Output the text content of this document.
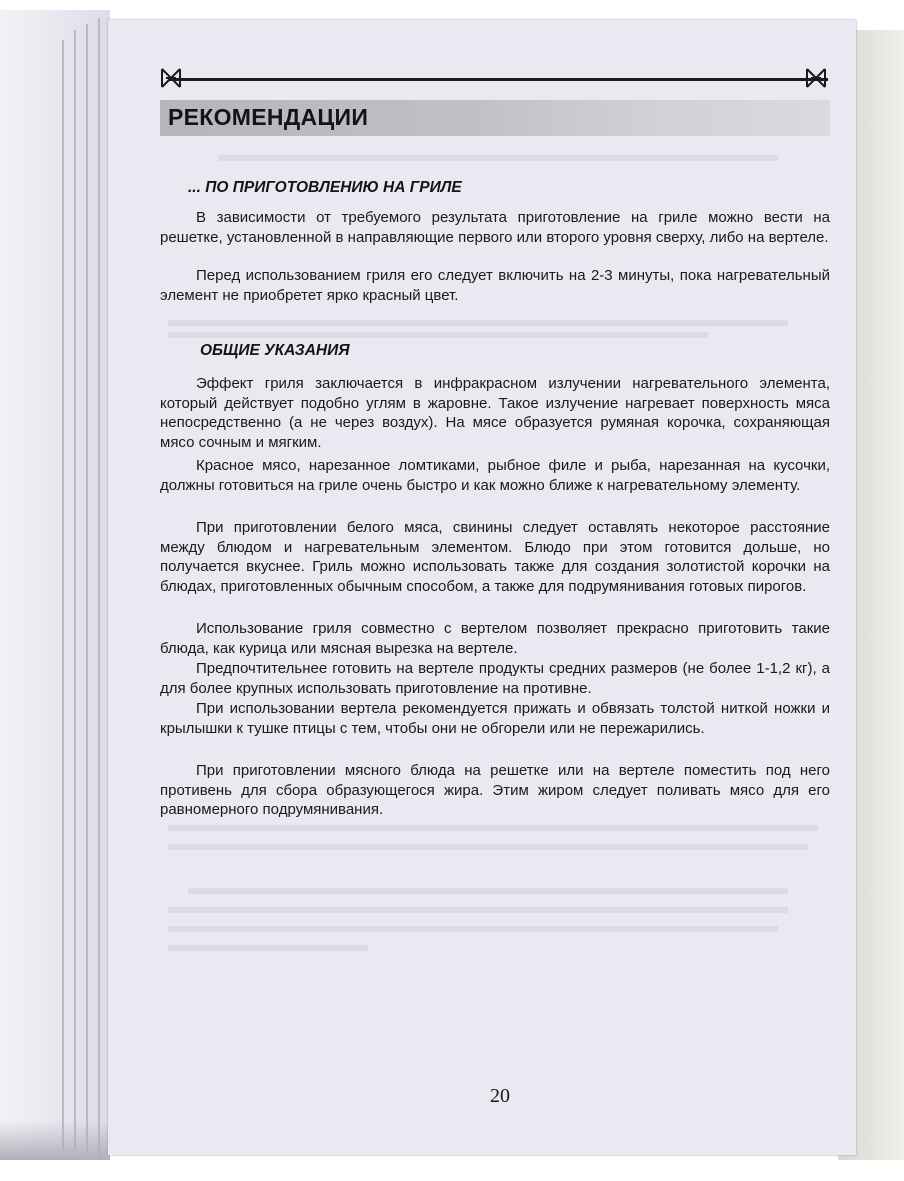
РЕКОМЕНДАЦИИ
... ПО ПРИГОТОВЛЕНИЮ НА ГРИЛЕ
В зависимости от требуемого результата приготовление на гриле можно вести на решетке, установленной в направляющие первого или второго уровня сверху, либо на вертеле.
Перед использованием гриля его следует включить на 2-3 минуты, пока нагревательный элемент не приобретет ярко красный цвет.
ОБЩИЕ УКАЗАНИЯ
Эффект гриля заключается в инфракрасном излучении нагревательного элемента, который действует подобно углям в жаровне. Такое излучение нагревает поверхность мяса непосредственно (а не через воздух). На мясе образуется румяная корочка, сохраняющая мясо сочным и мягким.
Красное мясо, нарезанное ломтиками, рыбное филе и рыба, нарезанная на кусочки, должны готовиться на гриле очень быстро и как можно ближе к нагревательному элементу.
При приготовлении белого мяса, свинины следует оставлять некоторое расстояние между блюдом и нагревательным элементом. Блюдо при этом готовится дольше, но получается вкуснее. Гриль можно использовать также для создания золотистой корочки на блюдах, приготовленных обычным способом, а также для подрумянивания готовых пирогов.
Использование гриля совместно с вертелом позволяет прекрасно приготовить такие блюда, как курица или мясная вырезка на вертеле.
Предпочтительнее готовить на вертеле продукты средних размеров (не более 1-1,2 кг), а для более крупных использовать приготовление на противне.
При использовании вертела рекомендуется прижать и обвязать толстой ниткой ножки и крылышки к тушке птицы с тем, чтобы они не обгорели или не пережарились.
При приготовлении мясного блюда на решетке или на вертеле поместить под него противень для сбора образующегося жира. Этим жиром следует поливать мясо для его равномерного подрумянивания.
20
